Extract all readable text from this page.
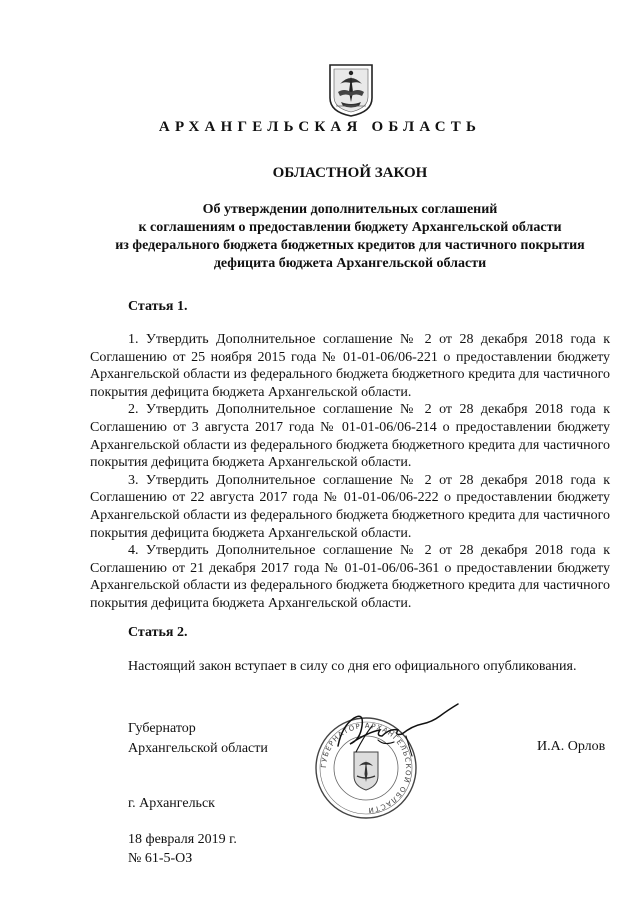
АРХАНГЕЛЬСКАЯ ОБЛАСТЬ
ОБЛАСТНОЙ ЗАКОН
Об утверждении дополнительных соглашений
к соглашениям о предоставлении бюджету Архангельской области
из федерального бюджета бюджетных кредитов для частичного покрытия
дефицита бюджета Архангельской области
Статья 1.

1. Утвердить Дополнительное соглашение № 2 от 28 декабря 2018 года к Соглашению от 25 ноября 2015 года № 01-01-06/06-221 о предоставлении бюджету Архангельской области из федерального бюджета бюджетного кредита для частичного покрытия дефицита бюджета Архангельской области.

2. Утвердить Дополнительное соглашение № 2 от 28 декабря 2018 года к Соглашению от 3 августа 2017 года № 01-01-06/06-214 о предоставлении бюджету Архангельской области из федерального бюджета бюджетного кредита для частичного покрытия дефицита бюджета Архангельской области.

3. Утвердить Дополнительное соглашение № 2 от 28 декабря 2018 года к Соглашению от 22 августа 2017 года № 01-01-06/06-222 о предоставлении бюджету Архангельской области из федерального бюджета бюджетного кредита для частичного покрытия дефицита бюджета Архангельской области.

4. Утвердить Дополнительное соглашение № 2 от 28 декабря 2018 года к Соглашению от 21 декабря 2017 года № 01-01-06/06-361 о предоставлении бюджету Архангельской области из федерального бюджета бюджетного кредита для частичного покрытия дефицита бюджета Архангельской области.

Статья 2.

Настоящий закон вступает в силу со дня его официального опубликования.

ГУБЕРНАТОР АРХАНГЕЛЬСКОЙ ОБЛАСТИ
Губернатор
Архангельской области	И.А. Орлов
г. Архангельск
18 февраля 2019 г.
№ 61-5-ОЗ
